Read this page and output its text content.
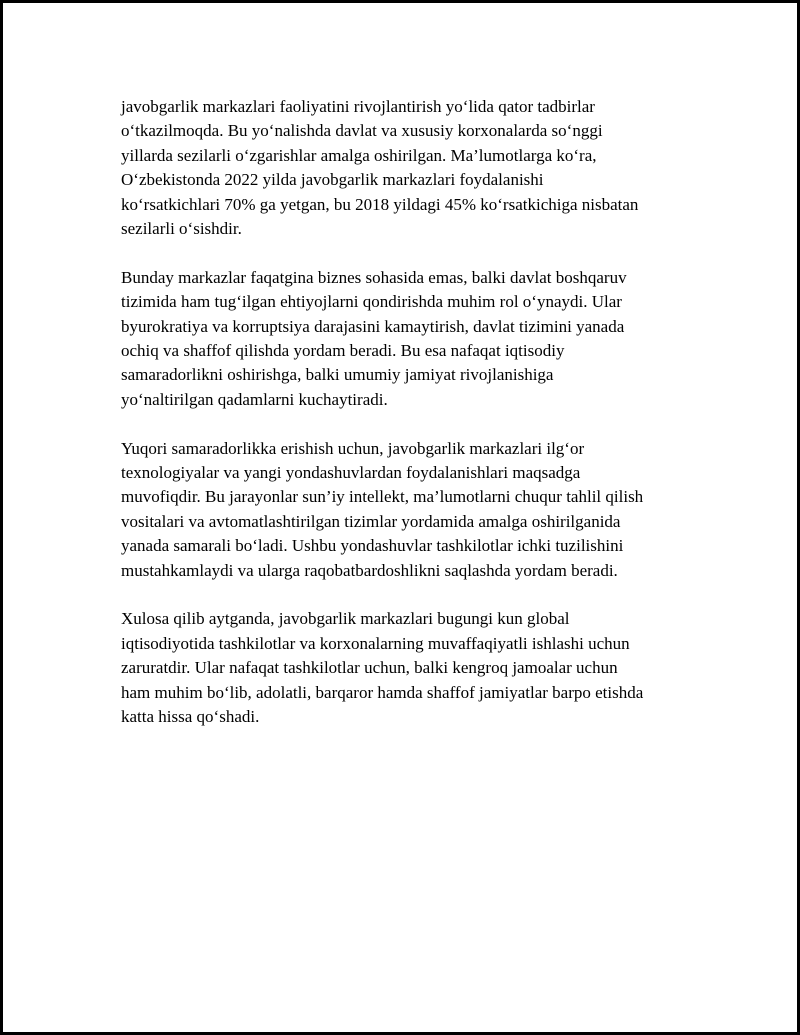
javobgarlik markazlari faoliyatini rivojlantirish yo‘lida qator tadbirlar
o‘tkazilmoqda. Bu yo‘nalishda davlat va xususiy korxonalarda so‘nggi
yillarda sezilarli o‘zgarishlar amalga oshirilgan. Ma’lumotlarga ko‘ra,
O‘zbekistonda 2022 yilda javobgarlik markazlari foydalanishi
ko‘rsatkichlari 70% ga yetgan, bu 2018 yildagi 45% ko‘rsatkichiga nisbatan
sezilarli o‘sishdir.

Bunday markazlar faqatgina biznes sohasida emas, balki davlat boshqaruv
tizimida ham tug‘ilgan ehtiyojlarni qondirishda muhim rol o‘ynaydi. Ular
byurokratiya va korruptsiya darajasini kamaytirish, davlat tizimini yanada
ochiq va shaffof qilishda yordam beradi. Bu esa nafaqat iqtisodiy
samaradorlikni oshirishga, balki umumiy jamiyat rivojlanishiga
yo‘naltirilgan qadamlarni kuchaytiradi.

Yuqori samaradorlikka erishish uchun, javobgarlik markazlari ilg‘or
texnologiyalar va yangi yondashuvlardan foydalanishlari maqsadga
muvofiqdir. Bu jarayonlar sun’iy intellekt, ma’lumotlarni chuqur tahlil qilish
vositalari va avtomatlashtirilgan tizimlar yordamida amalga oshirilganida
yanada samarali bo‘ladi. Ushbu yondashuvlar tashkilotlar ichki tuzilishini
mustahkamlaydi va ularga raqobatbardoshlikni saqlashda yordam beradi.

Xulosa qilib aytganda, javobgarlik markazlari bugungi kun global
iqtisodiyotida tashkilotlar va korxonalarning muvaffaqiyatli ishlashi uchun
zaruratdir. Ular nafaqat tashkilotlar uchun, balki kengroq jamoalar uchun
ham muhim bo‘lib, adolatli, barqaror hamda shaffof jamiyatlar barpo etishda
katta hissa qo‘shadi.
